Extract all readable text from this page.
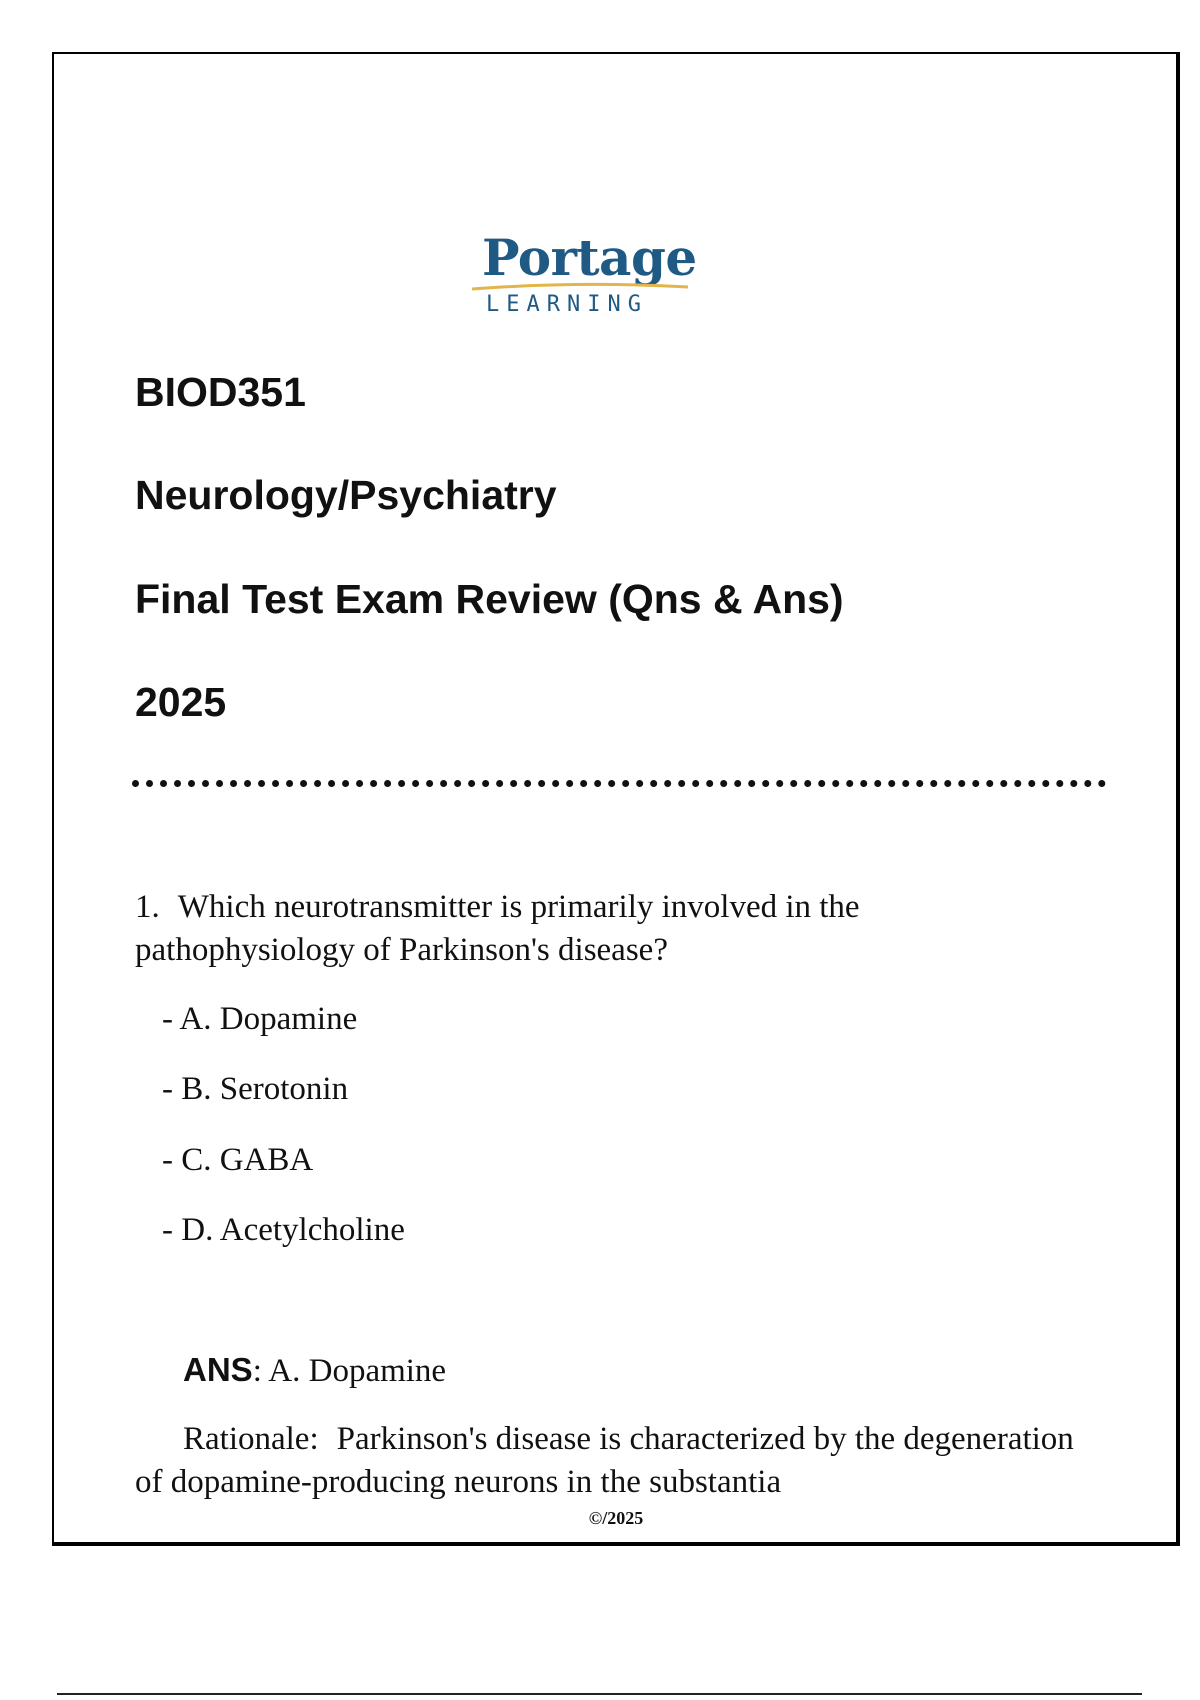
Portage
LEARNING
BIOD351
Neurology/Psychiatry
Final Test Exam Review (Qns & Ans)
2025
1. Which neurotransmitter is primarily involved in the pathophysiology of Parkinson's disease?
- A. Dopamine
- B. Serotonin
- C. GABA
- D. Acetylcholine
ANS: A. Dopamine
Rationale: Parkinson's disease is characterized by the degeneration of dopamine-producing neurons in the substantia
©/2025
